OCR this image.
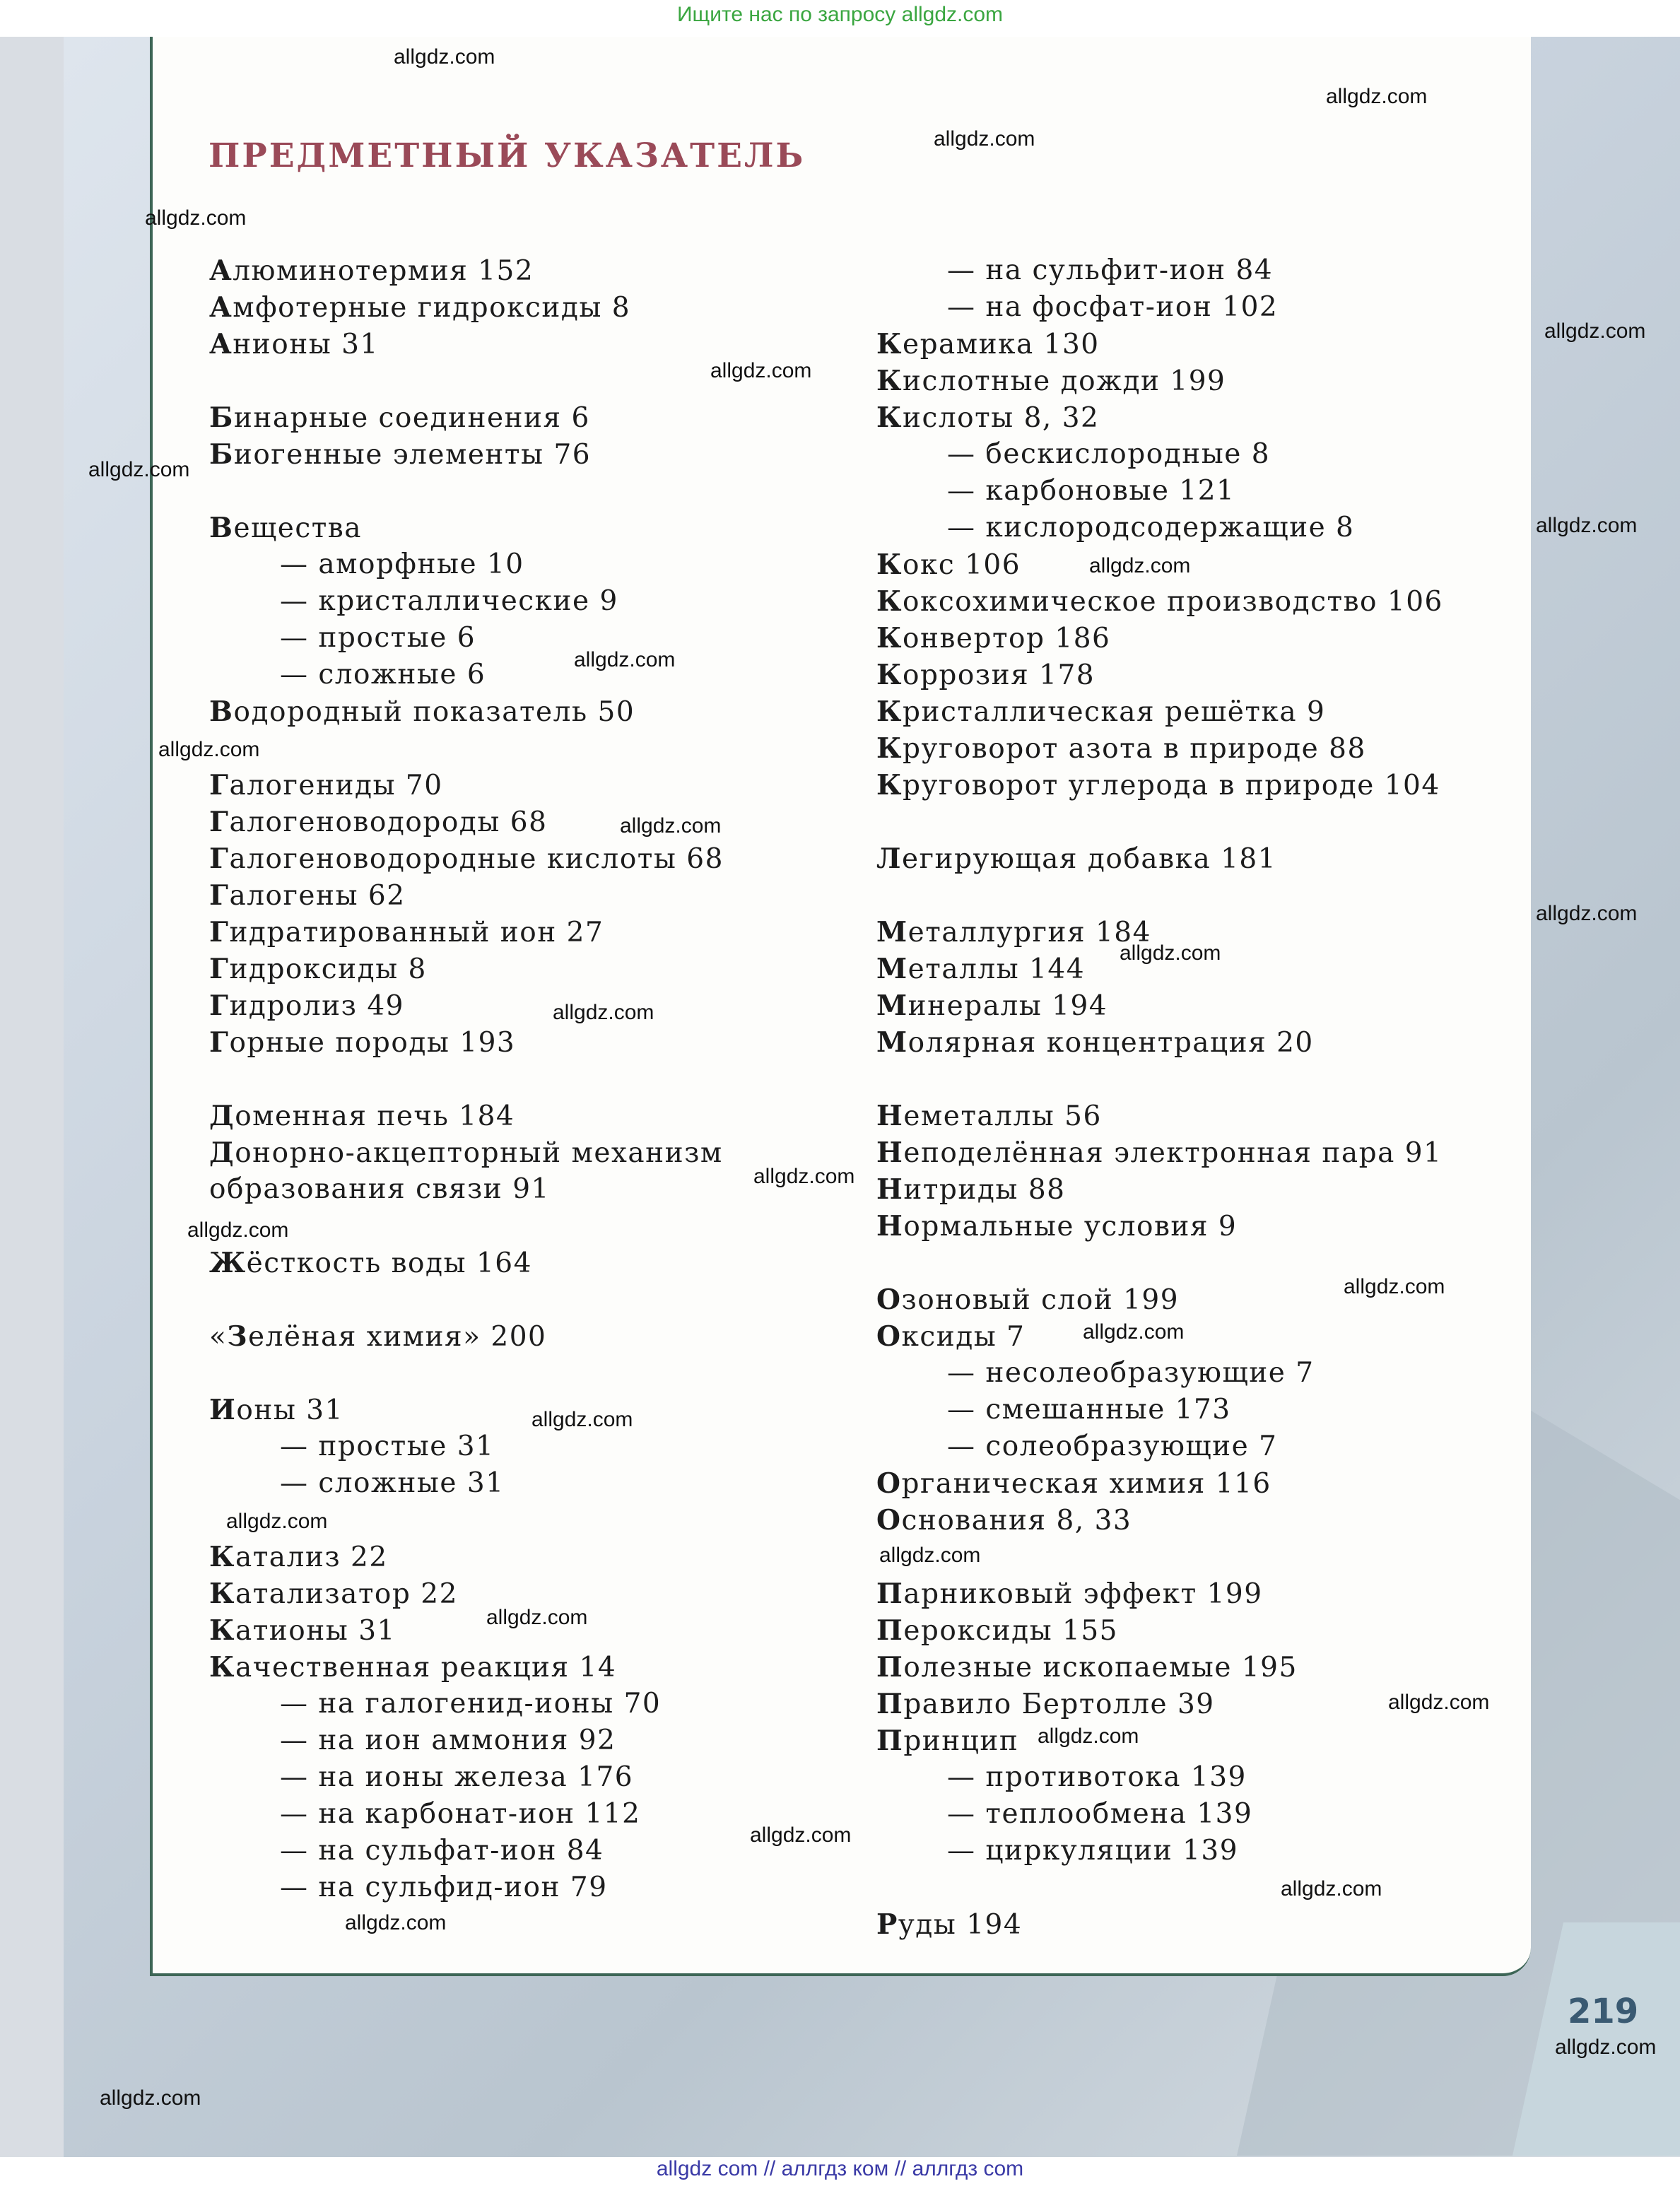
Ищите нас по запросу allgdz.com
ПРЕДМЕТНЫЙ УКАЗАТЕЛЬ
Алюминотермия 152
Амфотерные гидроксиды 8
Анионы 31
Бинарные соединения 6
Биогенные элементы 76
Вещества
— аморфные 10
— кристаллические 9
— простые 6
— сложные 6
Водородный показатель 50
Галогениды 70
Галогеноводороды 68
Галогеноводородные кислоты 68
Галогены 62
Гидратированный ион 27
Гидроксиды 8
Гидролиз 49
Горные породы 193
Доменная печь 184
Донорно-акцепторный механизм
образования связи 91
Жёсткость воды 164
«Зелёная химия» 200
Ионы 31
— простые 31
— сложные 31
Катализ 22
Катализатор 22
Катионы 31
Качественная реакция 14
— на галогенид-ионы 70
— на ион аммония 92
— на ионы железа 176
— на карбонат-ион 112
— на сульфат-ион 84
— на сульфид-ион 79
— на сульфит-ион 84
— на фосфат-ион 102
Керамика 130
Кислотные дожди 199
Кислоты 8, 32
— бескислородные 8
— карбоновые 121
— кислородсодержащие 8
Кокс 106
Коксохимическое производство 106
Конвертор 186
Коррозия 178
Кристаллическая решётка 9
Круговорот азота в природе 88
Круговорот углерода в природе 104
Легирующая добавка 181
Металлургия 184
Металлы 144
Минералы 194
Молярная концентрация 20
Неметаллы 56
Неподелённая электронная пара 91
Нитриды 88
Нормальные условия 9
Озоновый слой 199
Оксиды 7
— несолеобразующие 7
— смешанные 173
— солеобразующие 7
Органическая химия 116
Основания 8, 33
Парниковый эффект 199
Пероксиды 155
Полезные ископаемые 195
Правило Бертолле 39
Принцип
— противотока 139
— теплообмена 139
— циркуляции 139
Руды 194
allgdz.com
allgdz.com
allgdz.com
allgdz.com
allgdz.com
allgdz.com
allgdz.com
allgdz.com
allgdz.com
allgdz.com
allgdz.com
allgdz.com
allgdz.com
allgdz.com
allgdz.com
allgdz.com
allgdz.com
allgdz.com
allgdz.com
allgdz.com
allgdz.com
allgdz.com
allgdz.com
allgdz.com
allgdz.com
allgdz.com
allgdz.com
allgdz.com
allgdz.com
allgdz.com
219
allgdz com // аллгдз ком // аллгдз com
